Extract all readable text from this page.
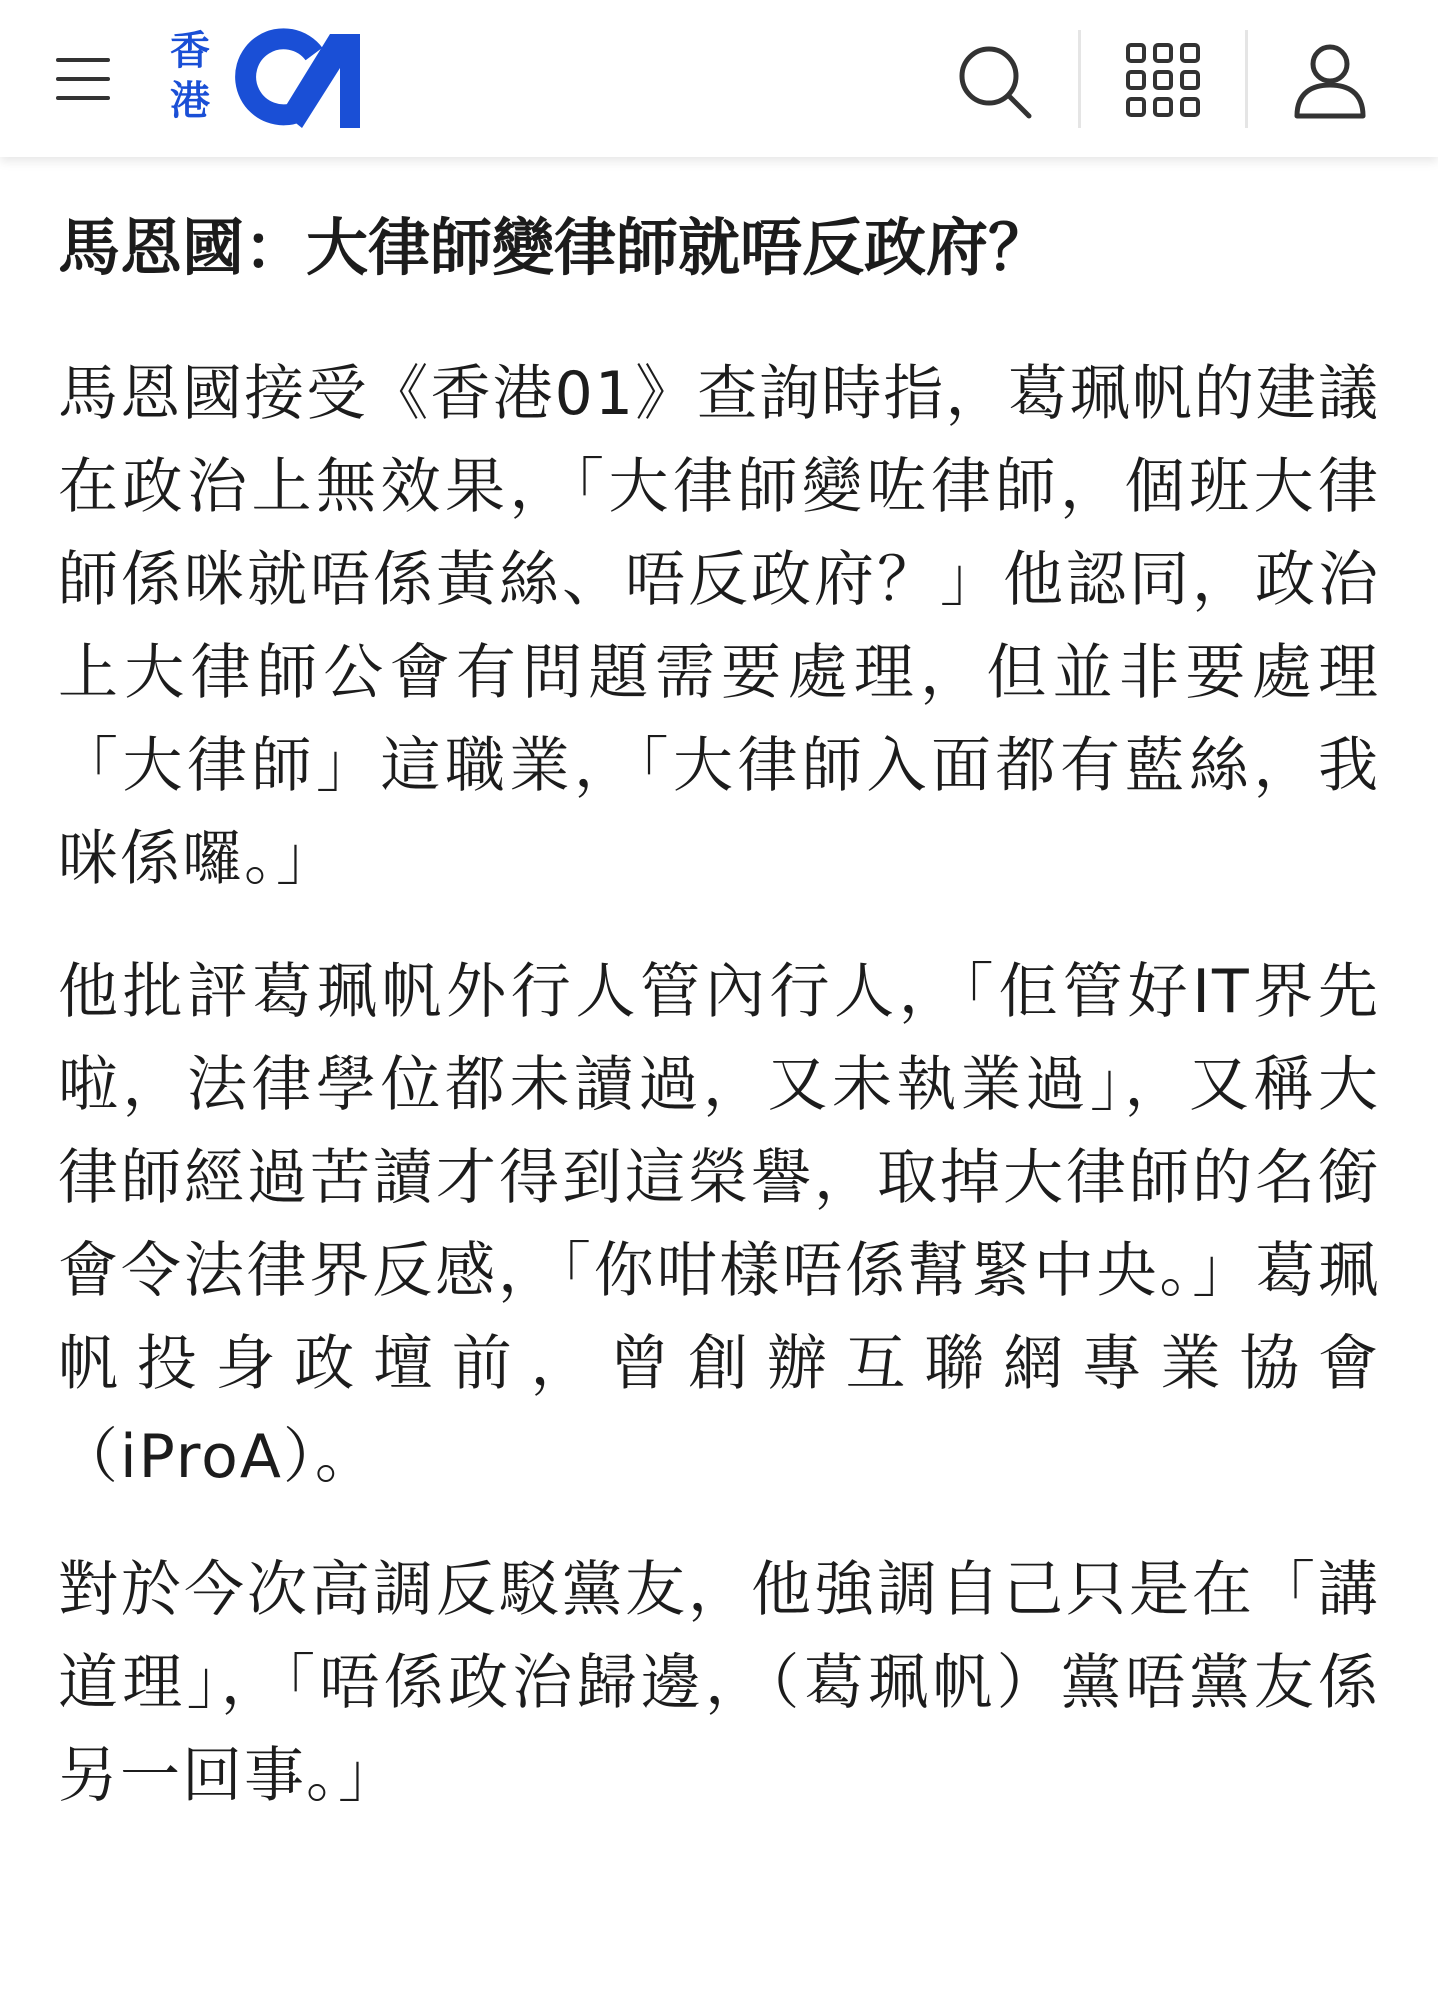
香
港
馬恩國：大律師變律師就唔反政府？

馬恩國接受《香港01》查詢時指，葛珮帆的建議在政治上無效果，「大律師變咗律師，個班大律師係咪就唔係黃絲、唔反政府？」他認同，政治上大律師公會有問題需要處理，但並非要處理「大律師」這職業，「大律師入面都有藍絲，我咪係囉。」

他批評葛珮帆外行人管內行人，「佢管好IT界先啦，法律學位都未讀過，又未執業過」，又稱大律師經過苦讀才得到這榮譽，取掉大律師的名銜會令法律界反感，「你咁樣唔係幫緊中央。」葛珮帆投身政壇前，曾創辦互聯網專業協會（iProA）。

對於今次高調反駁黨友，他強調自己只是在「講道理」，「唔係政治歸邊，（葛珮帆）黨唔黨友係另一回事。」
